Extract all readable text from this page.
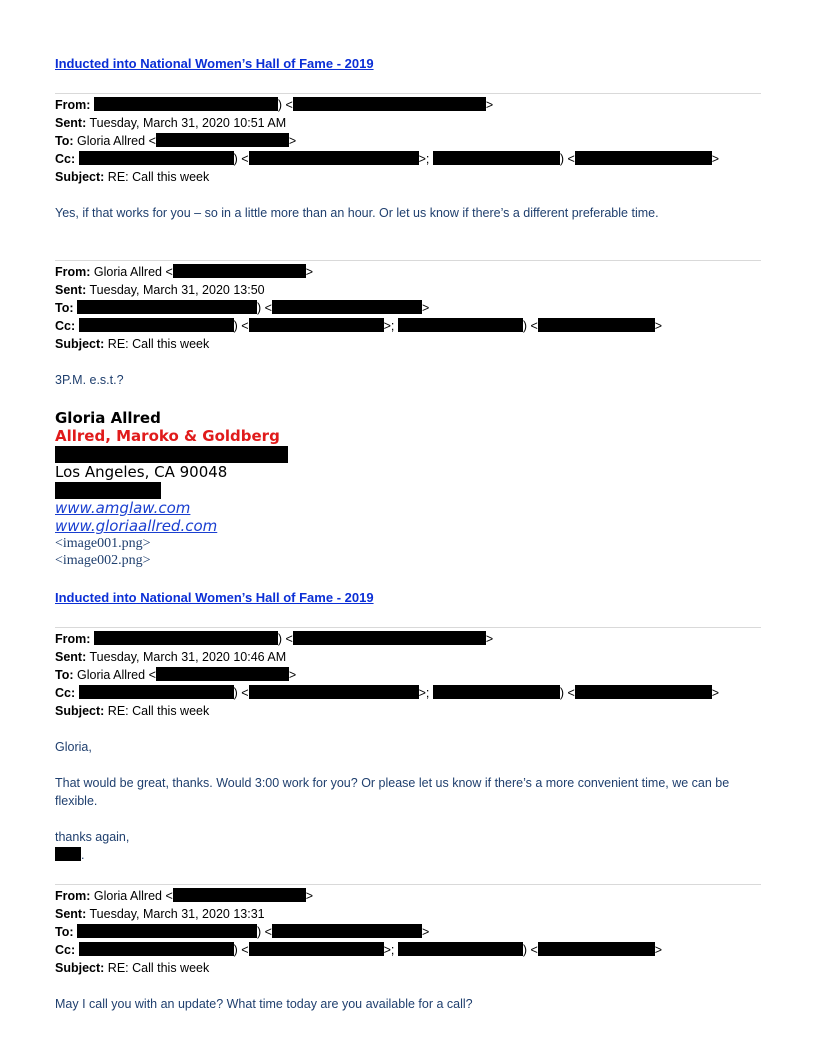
Inducted into National Women’s Hall of Fame - 2019
From:	) <	>
Sent: Tuesday, March 31, 2020 10:51 AM
To: Gloria Allred <	>
Cc:	) <	>;	) <	>
Subject: RE: Call this week
Yes, if that works for you – so in a little more than an hour. Or let us know if there’s a different preferable time.
From: Gloria Allred <	>
Sent: Tuesday, March 31, 2020 13:50
To:	) <	>
Cc:	) <	>;	) <	>
Subject: RE: Call this week
3P.M. e.s.t.?
Gloria Allred
Allred, Maroko & Goldberg
Los Angeles, CA 90048
www.amglaw.com
www.gloriaallred.com
<image001.png>
<image002.png>
Inducted into National Women’s Hall of Fame - 2019
From:	) <	>
Sent: Tuesday, March 31, 2020 10:46 AM
To: Gloria Allred <	>
Cc:	) <	>;	) <	>
Subject: RE: Call this week
Gloria,
That would be great, thanks. Would 3:00 work for you? Or please let us know if there’s a more convenient time, we can be flexible.
thanks again,
.
From: Gloria Allred <	>
Sent: Tuesday, March 31, 2020 13:31
To:	) <	>
Cc:	) <	>;	) <	>
Subject: RE: Call this week
May I call you with an update? What time today are you available for a call?
